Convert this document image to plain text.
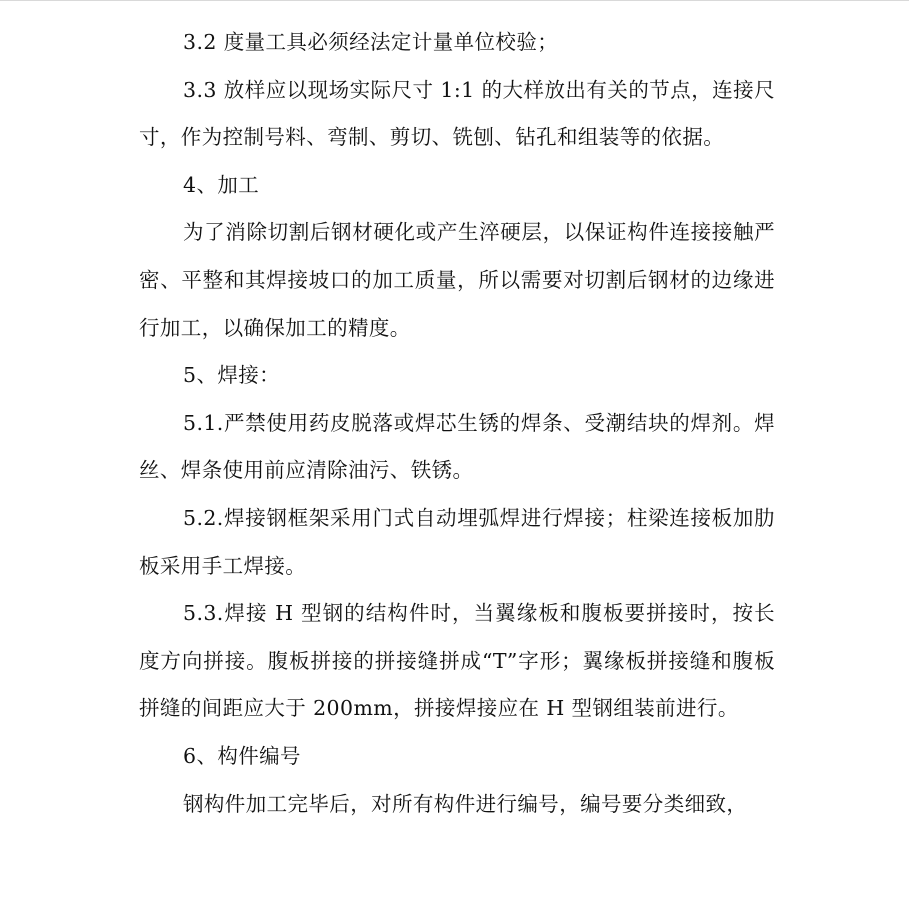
3.2 度量工具必须经法定计量单位校验；

3.3 放样应以现场实际尺寸 1:1 的大样放出有关的节点，连接尺寸，作为控制号料、弯制、剪切、铣刨、钻孔和组装等的依据。

4、加工

为了消除切割后钢材硬化或产生淬硬层，以保证构件连接接触严密、平整和其焊接坡口的加工质量，所以需要对切割后钢材的边缘进行加工，以确保加工的精度。

5、焊接：

5.1.严禁使用药皮脱落或焊芯生锈的焊条、受潮结块的焊剂。焊丝、焊条使用前应清除油污、铁锈。

5.2.焊接钢框架采用门式自动埋弧焊进行焊接；柱梁连接板加肋板采用手工焊接。

5.3.焊接 H 型钢的结构件时，当翼缘板和腹板要拼接时，按长度方向拼接。腹板拼接的拼接缝拼成“T”字形；翼缘板拼接缝和腹板拼缝的间距应大于 200mm，拼接焊接应在 H 型钢组装前进行。

6、构件编号

钢构件加工完毕后，对所有构件进行编号，编号要分类细致，
